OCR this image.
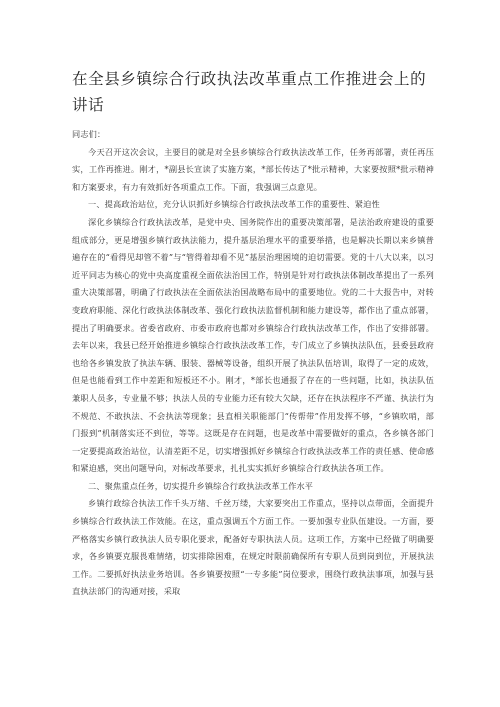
在全县乡镇综合行政执法改革重点工作推进会上的讲话

同志们：

今天召开这次会议，主要目的就是对全县乡镇综合行政执法改革工作，任务再部署，责任再压实，工作再推进。刚才，*副县长宣读了实施方案，*部长传达了*批示精神，大家要按照*批示精神和方案要求，有力有效抓好各项重点工作。下面，我强调三点意见。

一、提高政治站位，充分认识抓好乡镇综合行政执法改革工作的重要性、紧迫性

深化乡镇综合行政执法改革，是党中央、国务院作出的重要决策部署，是法治政府建设的重要组成部分，更是增强乡镇行政执法能力，提升基层治理水平的重要举措，也是解决长期以来乡镇普遍存在的“看得见却管不着”与“管得着却看不见”基层治理困境的迫切需要。党的十八大以来，以习近平同志为核心的党中央高度重视全面依法治国工作，特别是针对行政执法体制改革提出了一系列重大决策部署，明确了行政执法在全面依法治国战略布局中的重要地位。党的二十大报告中，对转变政府职能、深化行政执法体制改革、强化行政执法监督机制和能力建设等，都作出了重点部署，提出了明确要求。省委省政府、市委市政府也都对乡镇综合行政执法改革工作，作出了安排部署。去年以来，我县已经开始推进乡镇综合行政执法改革工作，专门成立了乡镇执法队伍，县委县政府也给各乡镇发放了执法车辆、服装、器械等设备，组织开展了执法队伍培训，取得了一定的成效，但是也能看到工作中差距和短板还不小。刚才，*部长也通报了存在的一些问题，比如，执法队伍兼职人员多，专业量不够；执法人员的专业能力还有较大欠缺，还存在执法程序不严谨、执法行为不规范、不敢执法、不会执法等现象；县直相关职能部门“传帮带”作用发挥不够，“乡镇吹哨，部门报到”机制落实还不到位，等等。这既是存在问题，也是改革中需要做好的重点，各乡镇各部门一定要提高政治站位，认清差距不足，切实增强抓好乡镇综合行政执法改革工作的责任感、使命感和紧迫感，突出问题导向，对标改革要求，扎扎实实抓好乡镇综合行政执法各项工作。

二、聚焦重点任务，切实提升乡镇综合行政执法改革工作水平

乡镇行政综合执法工作千头万绪、千丝万缕，大家要突出工作重点，坚持以点带面，全面提升乡镇综合行政执法工作效能。在这，重点强调五个方面工作。一要加强专业队伍建设。一方面，要严格落实乡镇行政执法人员专职化要求，配备好专职执法人员。这项工作，方案中已经做了明确要求，各乡镇要克服畏难情绪，切实排除困难，在规定时限前确保所有专职人员到岗到位，开展执法工作。二要抓好执法业务培训。各乡镇要按照“一专多能”岗位要求，围绕行政执法事项，加强与县直执法部门的沟通对接，采取
